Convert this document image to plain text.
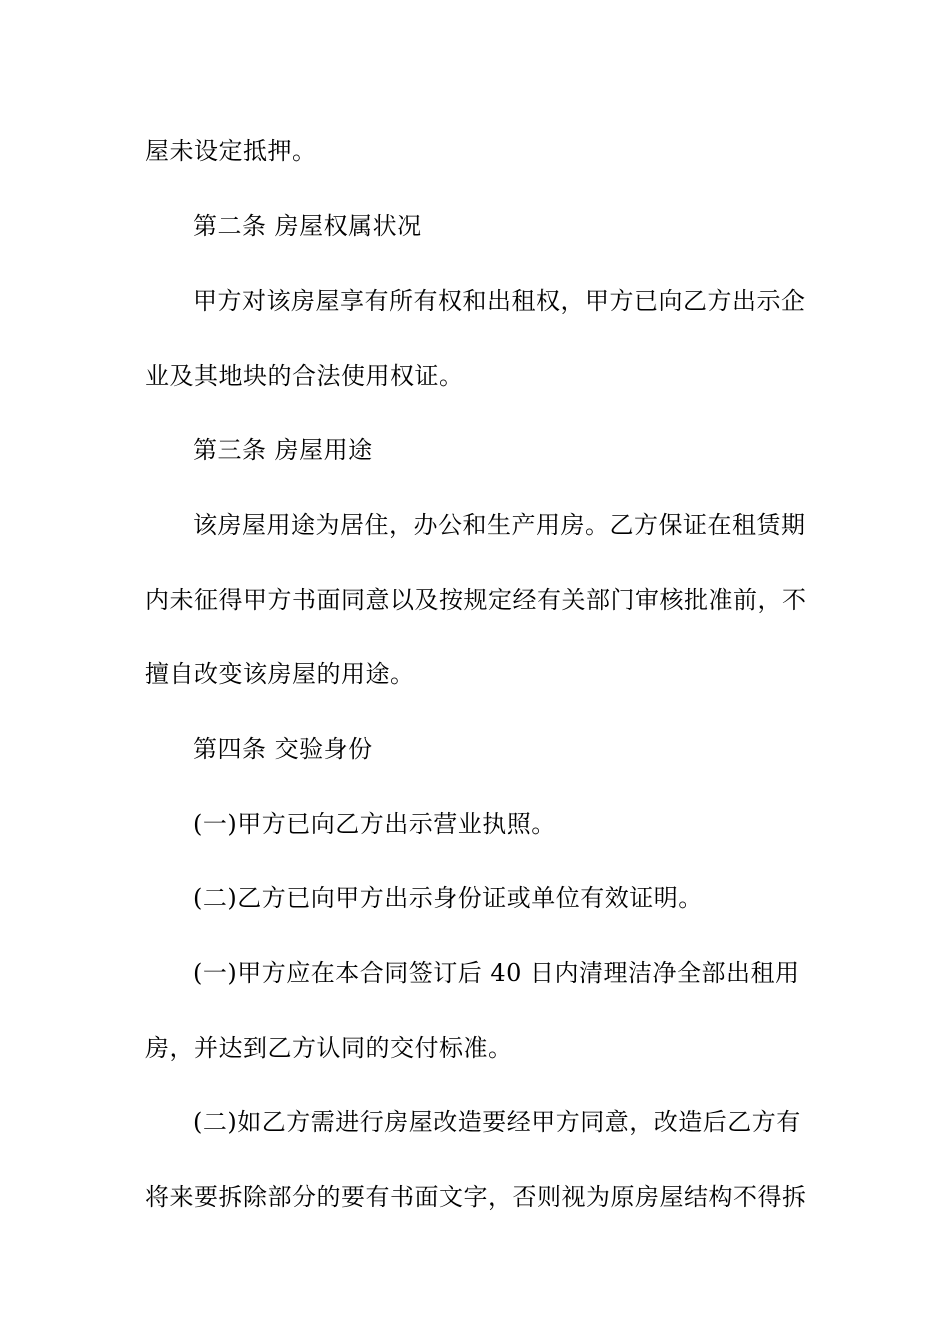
屋未设定抵押。
第二条 房屋权属状况
甲方对该房屋享有所有权和出租权，甲方已向乙方出示企
业及其地块的合法使用权证。
第三条 房屋用途
该房屋用途为居住，办公和生产用房。乙方保证在租赁期
内未征得甲方书面同意以及按规定经有关部门审核批准前，不
擅自改变该房屋的用途。
第四条 交验身份
(一)甲方已向乙方出示营业执照。
(二)乙方已向甲方出示身份证或单位有效证明。
(一)甲方应在本合同签订后 40 日内清理洁净全部出租用
房，并达到乙方认同的交付标准。
(二)如乙方需进行房屋改造要经甲方同意，改造后乙方有
将来要拆除部分的要有书面文字，否则视为原房屋结构不得拆
